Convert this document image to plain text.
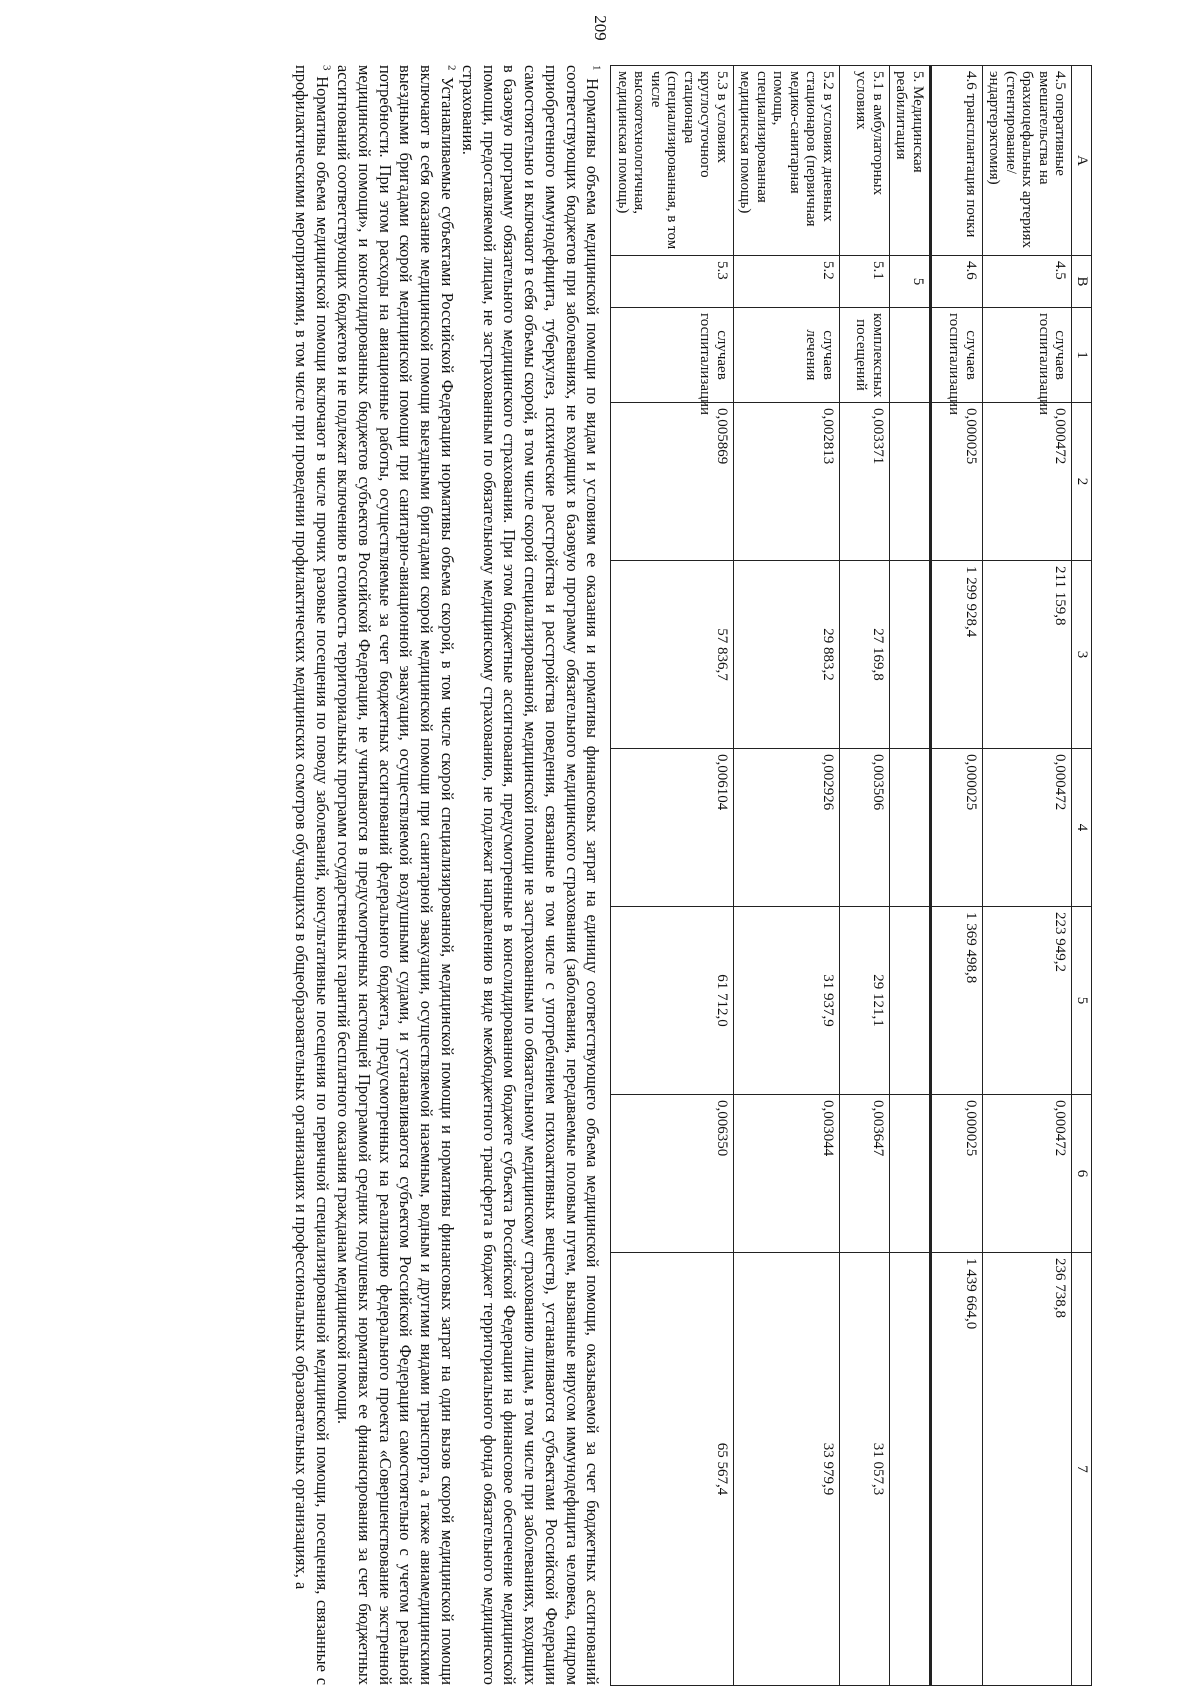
209
А	В	1	2	3	4	5	6	7
4.5 оперативные вмешательства на брахиоцефальных артериях (стентирование/эндартерэктомия)	4.5	случаев госпитализации	0,000472	211 159,8	0,000472	223 949,2	0,000472	236 738,8
4.6 трансплантация почки	4.6	случаев госпитализации	0,000025	1 299 928,4	0,000025	1 369 498,8	0,000025	1 439 664,0
5. Медицинская реабилитация	5							
5.1 в амбулаторных условиях	5.1	комплексных посещений	0,003371	27 169,8	0,003506	29 121,1	0,003647	31 057,3
5.2 в условиях дневных стационаров (первичная медико-санитарная помощь, специализированная медицинская помощь)	5.2	случаев лечения	0,002813	29 883,2	0,002926	31 937,9	0,003044	33 979,9
5.3 в условиях круглосуточного стационара (специализированная, в том числе высокотехнологичная, медицинская помощь)	5.3	случаев госпитализации	0,005869	57 836,7	0,006104	61 712,0	0,006350	65 567,4

$^1$ Нормативы объема медицинской помощи по видам и условиям ее оказания и нормативы финансовых затрат на единицу соответствующего объема медицинской помощи, оказываемой за счет бюджетных ассигнований соответствующих бюджетов при заболеваниях, не входящих в базовую программу обязательного медицинского страхования (заболевания, передаваемые половым путем, вызванные вирусом иммунодефицита человека, синдром приобретенного иммунодефицита, туберкулез, психические расстройства и расстройства поведения, связанные в том числе с употреблением психоактивных веществ), устанавливаются субъектами Российской Федерации самостоятельно и включают в себя объемы скорой, в том числе скорой специализированной, медицинской помощи не застрахованным по обязательному медицинскому страхованию лицам, в том числе при заболеваниях, входящих в базовую программу обязательного медицинского страхования. При этом бюджетные ассигнования, предусмотренные в консолидированном бюджете субъекта Российской Федерации на финансовое обеспечение медицинской помощи, предоставляемой лицам, не застрахованным по обязательному медицинскому страхованию, не подлежат направлению в виде межбюджетного трансферта в бюджет территориального фонда обязательного медицинского страхования.

$^2$ Устанавливаемые субъектами Российской Федерации нормативы объема скорой, в том числе скорой специализированной, медицинской помощи и нормативы финансовых затрат на один вызов скорой медицинской помощи включают в себя оказание медицинской помощи выездными бригадами скорой медицинской помощи при санитарной эвакуации, осуществляемой наземным, водным и другими видами транспорта, а также авиамедицинскими выездными бригадами скорой медицинской помощи при санитарно-авиационной эвакуации, осуществляемой воздушными судами, и устанавливаются субъектом Российской Федерации самостоятельно с учетом реальной потребности. При этом расходы на авиационные работы, осуществляемые за счет бюджетных ассигнований федерального бюджета, предусмотренных на реализацию федерального проекта «Совершенствование экстренной медицинской помощи», и консолидированных бюджетов субъектов Российской Федерации, не учитываются в предусмотренных настоящей Программой средних подушевых нормативах ее финансирования за счет бюджетных ассигнований соответствующих бюджетов и не подлежат включению в стоимость территориальных программ государственных гарантий бесплатного оказания гражданам медицинской помощи.

$^3$ Нормативы объема медицинской помощи включают в числе прочих разовые посещения по поводу заболеваний, консультативные посещения по первичной специализированной медицинской помощи, посещения, связанные с профилактическими мероприятиями, в том числе при проведении профилактических медицинских осмотров обучающихся в общеобразовательных организациях и профессиональных образовательных организациях, а
